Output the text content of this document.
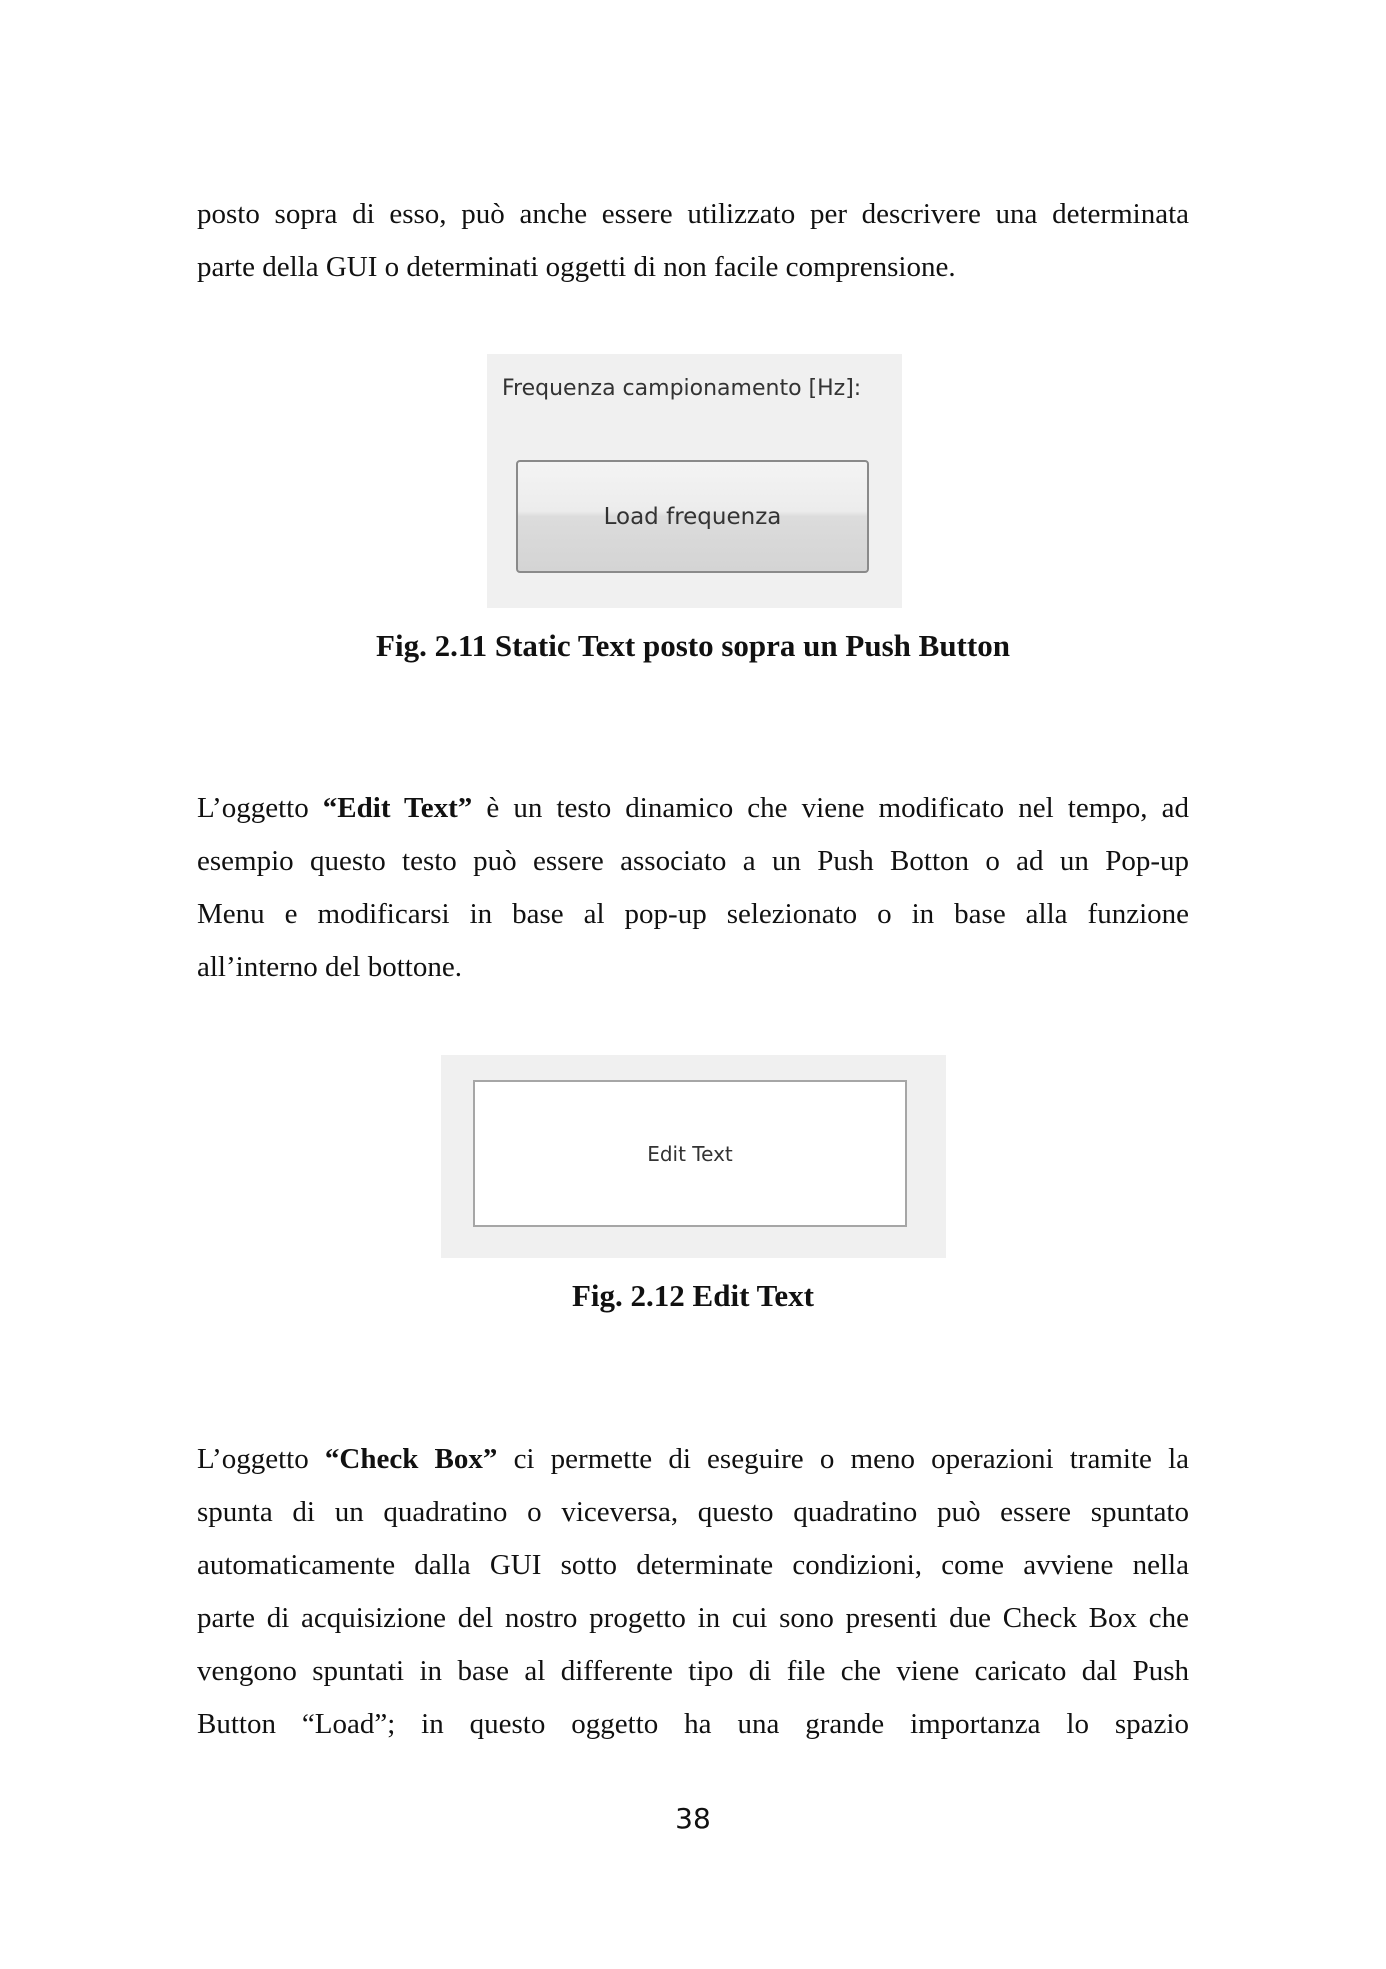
posto sopra di esso, può anche essere utilizzato per descrivere una determinata
parte della GUI o determinati oggetti di non facile comprensione.
Frequenza campionamento [Hz]:
Load frequenza
Fig. 2.11 Static Text posto sopra un Push Button
L’oggetto “Edit Text” è un testo dinamico che viene modificato nel tempo, ad
esempio questo testo può essere associato a un Push Botton o ad un Pop-up
Menu e modificarsi in base al pop-up selezionato o in base alla funzione
all’interno del bottone.
Edit Text
Fig. 2.12 Edit Text
L’oggetto “Check Box” ci permette di eseguire o meno operazioni tramite la
spunta di un quadratino o viceversa, questo quadratino può essere spuntato
automaticamente dalla GUI sotto determinate condizioni, come avviene nella
parte di acquisizione del nostro progetto in cui sono presenti due Check Box che
vengono spuntati in base al differente tipo di file che viene caricato dal Push
Button “Load”; in questo oggetto ha una grande importanza lo spazio
38
